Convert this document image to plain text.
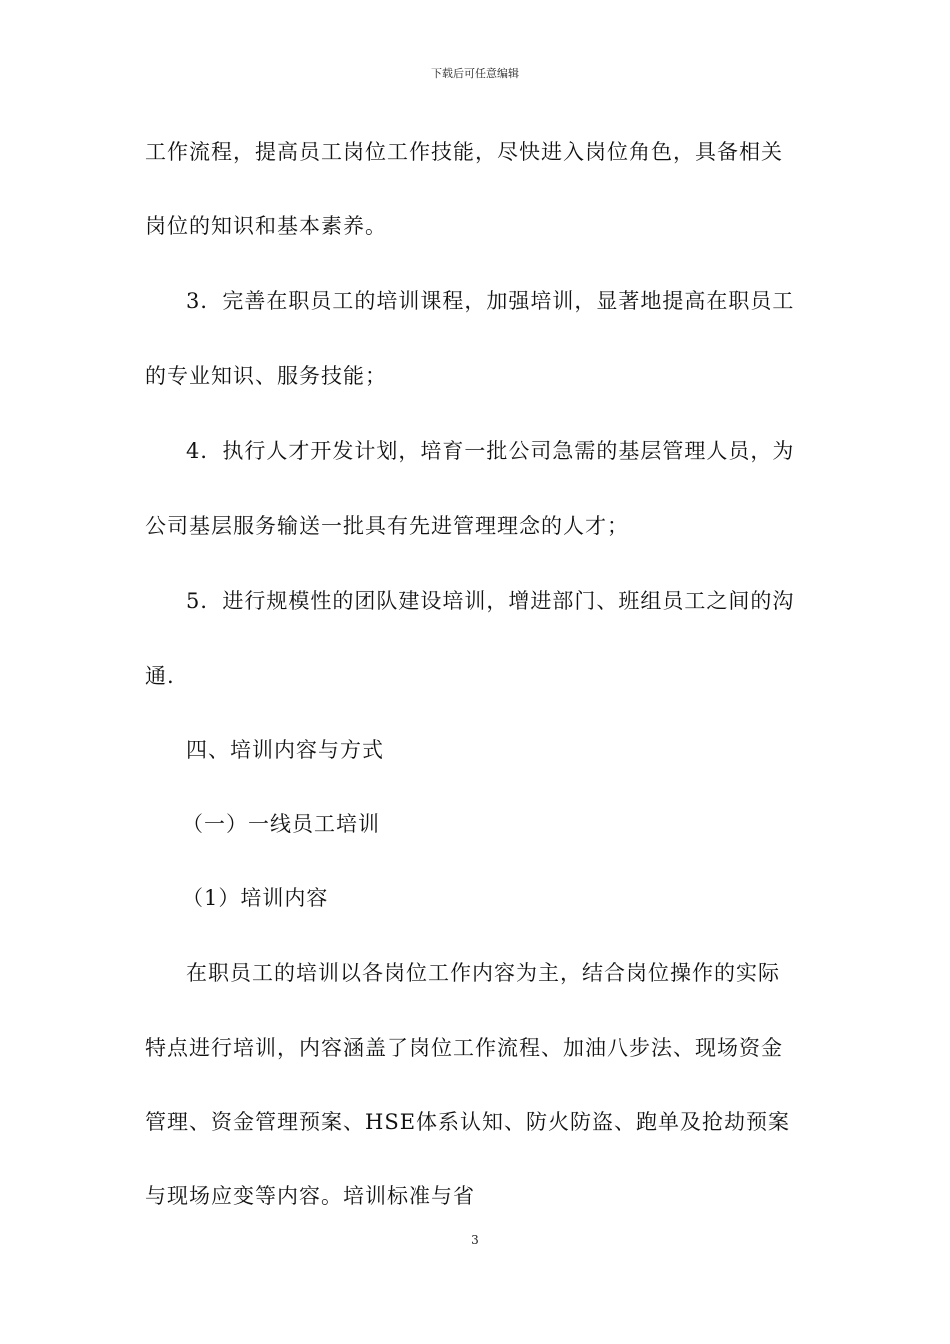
下载后可任意编辑
工作流程，提高员工岗位工作技能，尽快进入岗位角色，具备相关
岗位的知识和基本素养。
3．完善在职员工的培训课程，加强培训，显著地提高在职员工
的专业知识、服务技能；
4．执行人才开发计划，培育一批公司急需的基层管理人员，为
公司基层服务输送一批具有先进管理理念的人才；
5．进行规模性的团队建设培训，增进部门、班组员工之间的沟
通.
四、培训内容与方式
（一）一线员工培训
（1）培训内容
在职员工的培训以各岗位工作内容为主，结合岗位操作的实际
特点进行培训，内容涵盖了岗位工作流程、加油八步法、现场资金
管理、资金管理预案、HSE体系认知、防火防盗、跑单及抢劫预案
与现场应变等内容。培训标准与省
3
